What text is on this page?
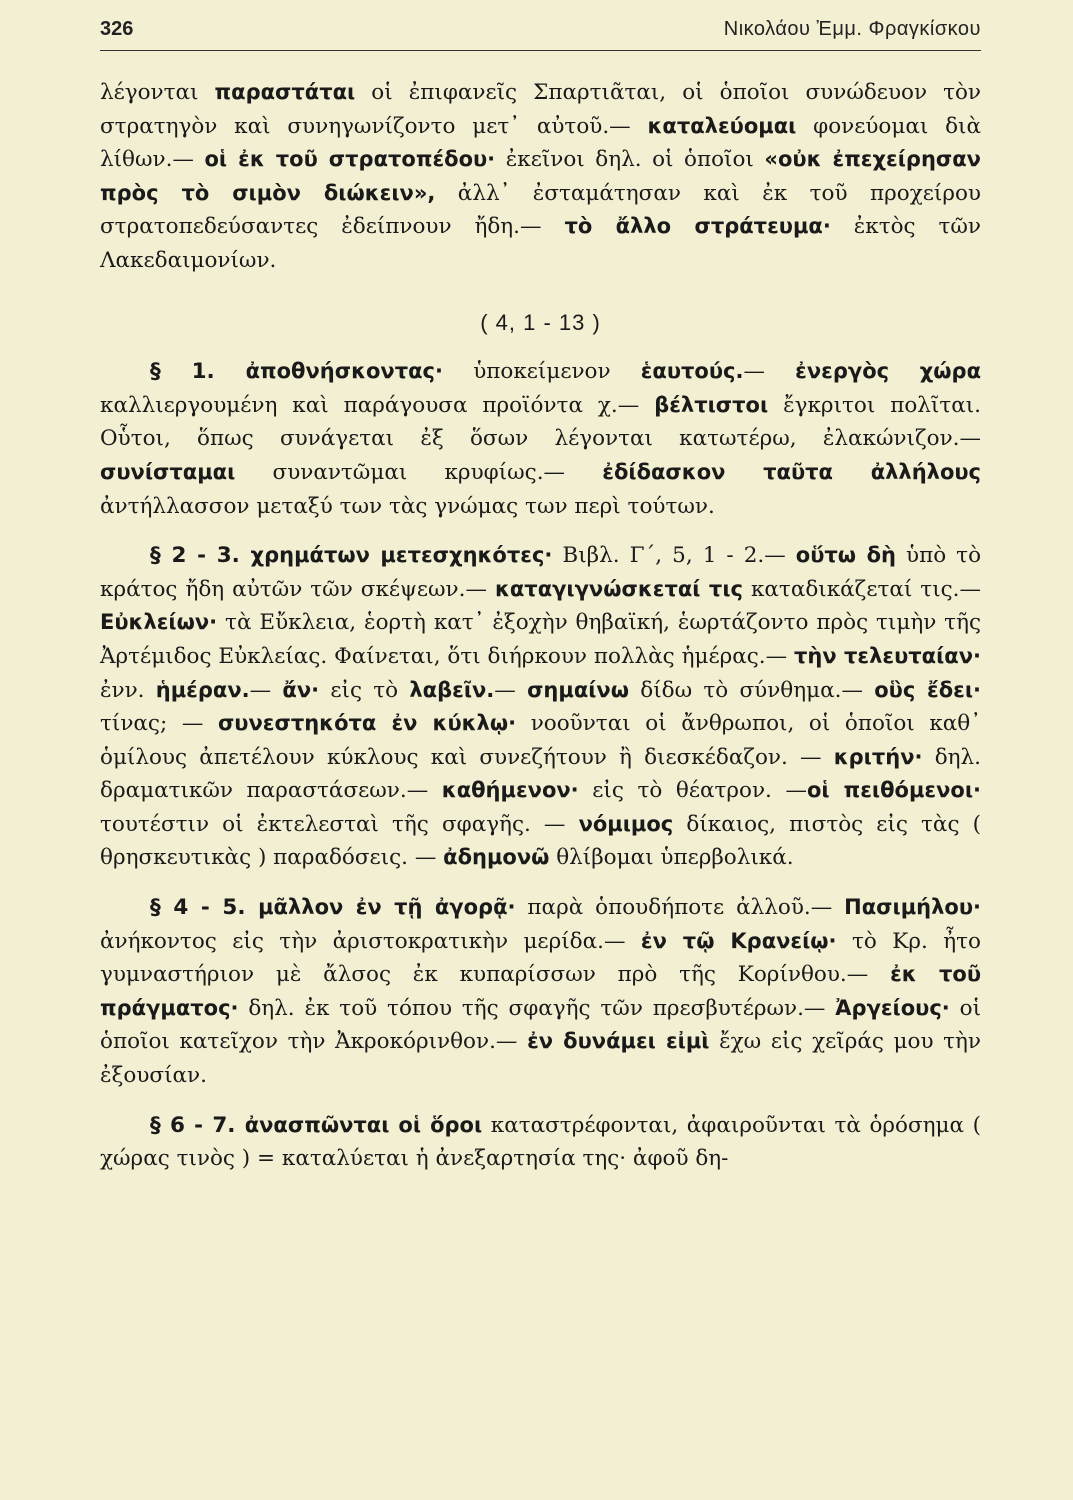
326	Νικολάου Ἐμμ. Φραγκίσκου

λέγονται παραστάται οἱ ἐπιφανεῖς Σπαρτιᾶται, οἱ ὁποῖοι συνώδευον τὸν στρατηγὸν καὶ συνηγωνίζοντο μετ᾿ αὐτοῦ.— καταλεύομαι φονεύομαι διὰ λίθων.— οἱ ἐκ τοῦ στρατοπέδου· ἐκεῖνοι δηλ. οἱ ὁποῖοι «οὐκ ἐπεχείρησαν πρὸς τὸ σιμὸν διώκειν», ἀλλ᾿ ἐσταμάτησαν καὶ ἐκ τοῦ προχείρου στρατοπεδεύσαντες ἐδείπνουν ἤδη.— τὸ ἄλλο στράτευμα· ἐκτὸς τῶν Λακεδαιμονίων.

( 4, 1 - 13 )

§ 1. ἀποθνήσκοντας· ὑποκείμενον ἑαυτούς.— ἐνεργὸς χώρα καλλιεργουμένη καὶ παράγουσα προϊόντα χ.— βέλτιστοι ἔγκριτοι πολῖται. Οὗτοι, ὅπως συνάγεται ἐξ ὅσων λέγονται κατωτέρω, ἐλακώνιζον.— συνίσταμαι συναντῶμαι κρυφίως.— ἐδίδασκον ταῦτα ἀλλήλους ἀντήλλασσον μεταξύ των τὰς γνώμας των περὶ τούτων.

§ 2 - 3. χρημάτων μετεσχηκότες· Βιβλ. Γ΄, 5, 1 - 2.— οὕτω δὴ ὑπὸ τὸ κράτος ἤδη αὐτῶν τῶν σκέψεων.— καταγιγνώσκεταί τις καταδικάζεταί τις.— Εὐκλείων· τὰ Εὔκλεια, ἑορτὴ κατ᾿ ἐξοχὴν θηβαϊκή, ἑωρτάζοντο πρὸς τιμὴν τῆς Ἀρτέμιδος Εὐκλείας. Φαίνεται, ὅτι διήρκουν πολλὰς ἡμέρας.— τὴν τελευταίαν· ἐνν. ἡμέραν.— ἄν· εἰς τὸ λαβεῖν.— σημαίνω δίδω τὸ σύνθημα.— οὓς ἔδει· τίνας; — συνεστηκότα ἐν κύκλῳ· νοοῦνται οἱ ἄνθρωποι, οἱ ὁποῖοι καθ᾿ ὁμίλους ἀπετέλουν κύκλους καὶ συνεζήτουν ἢ διεσκέδαζον. — κριτήν· δηλ. δραματικῶν παραστάσεων.— καθήμενον· εἰς τὸ θέατρον. —οἱ πειθόμενοι· τουτέστιν οἱ ἐκτελεσταὶ τῆς σφαγῆς. — νόμιμος δίκαιος, πιστὸς εἰς τὰς ( θρησκευτικὰς ) παραδόσεις. — ἀδημονῶ θλίβομαι ὑπερβολικά.

§ 4 - 5. μᾶλλον ἐν τῇ ἀγορᾷ· παρὰ ὁπουδήποτε ἀλλοῦ.— Πασιμήλου· ἀνήκοντος εἰς τὴν ἀριστοκρατικὴν μερίδα.— ἐν τῷ Κρανείῳ· τὸ Κρ. ἦτο γυμναστήριον μὲ ἄλσος ἐκ κυπαρίσσων πρὸ τῆς Κορίνθου.— ἐκ τοῦ πράγματος· δηλ. ἐκ τοῦ τόπου τῆς σφαγῆς τῶν πρεσβυτέρων.— Ἀργείους· οἱ ὁποῖοι κατεῖχον τὴν Ἀκροκόρινθον.— ἐν δυνάμει εἰμὶ ἔχω εἰς χεῖράς μου τὴν ἐξουσίαν.

§ 6 - 7. ἀνασπῶνται οἱ ὅροι καταστρέφονται, ἀφαιροῦνται τὰ ὁρόσημα ( χώρας τινὸς ) = καταλύεται ἡ ἀνεξαρτησία της· ἀφοῦ δη-
